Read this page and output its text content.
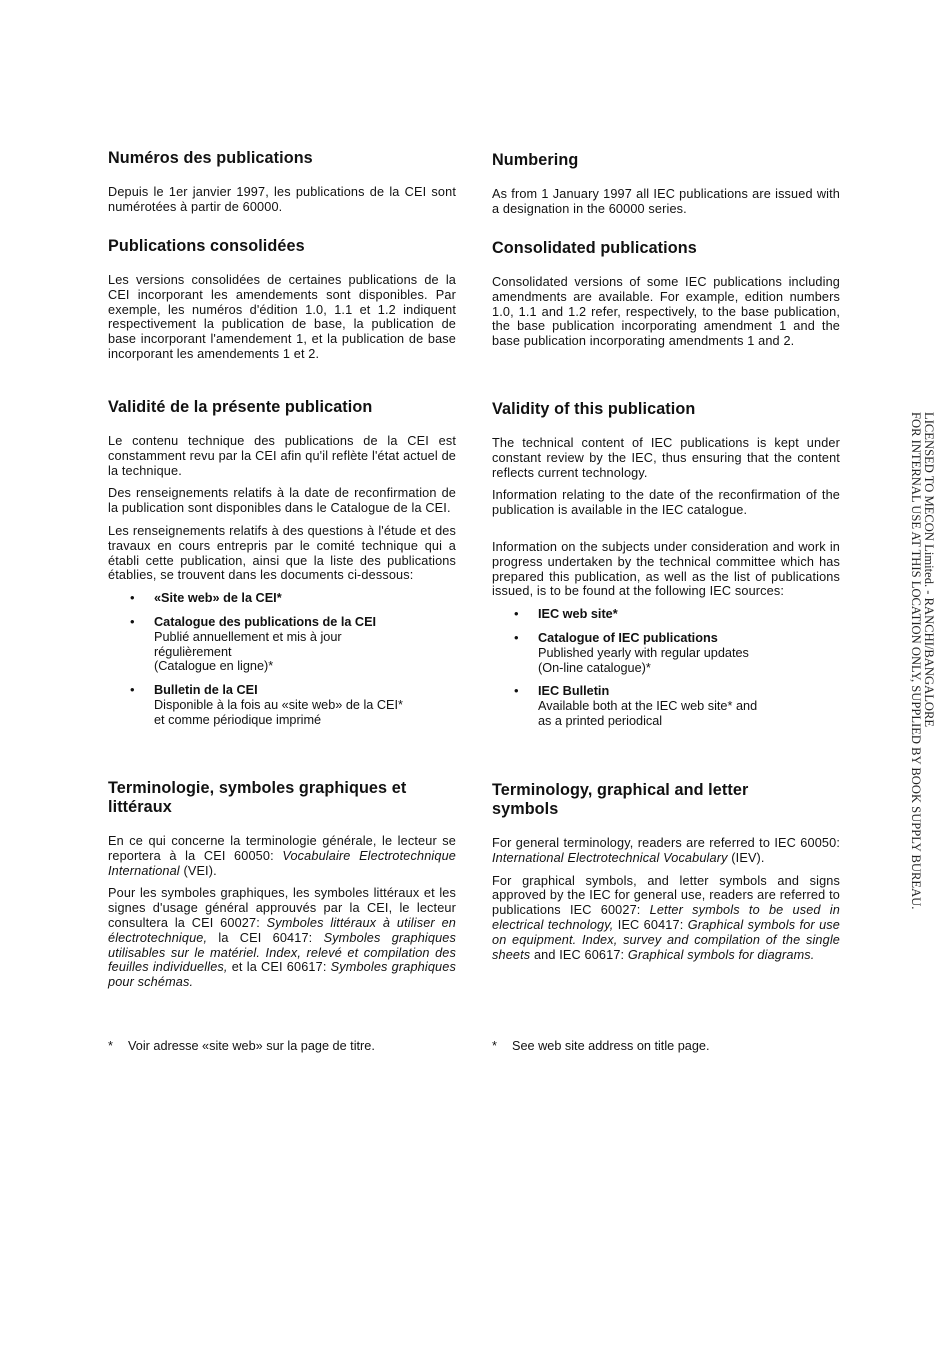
Numéros des publications

Depuis le 1er janvier 1997, les publications de la CEI sont numérotées à partir de 60000.

Publications consolidées

Les versions consolidées de certaines publications de la CEI incorporant les amendements sont disponibles. Par exemple, les numéros d'édition 1.0, 1.1 et 1.2 indiquent respectivement la publication de base, la publication de base incorporant l'amendement 1, et la publication de base incorporant les amendements 1 et 2.

Validité de la présente publication

Le contenu technique des publications de la CEI est constamment revu par la CEI afin qu'il reflète l'état actuel de la technique.

Des renseignements relatifs à la date de reconfirmation de la publication sont disponibles dans le Catalogue de la CEI.

Les renseignements relatifs à des questions à l'étude et des travaux en cours entrepris par le comité technique qui a établi cette publication, ainsi que la liste des publications établies, se trouvent dans les documents ci-dessous:

• «Site web» de la CEI*
• Catalogue des publications de la CEI
Publié annuellement et mis à jour
régulièrement
(Catalogue en ligne)*
• Bulletin de la CEI
Disponible à la fois au «site web» de la CEI*
et comme périodique imprimé
Terminologie, symboles graphiques et littéraux

En ce qui concerne la terminologie générale, le lecteur se reportera à la CEI 60050: Vocabulaire Electrotechnique International (VEI).

Pour les symboles graphiques, les symboles littéraux et les signes d'usage général approuvés par la CEI, le lecteur consultera la CEI 60027: Symboles littéraux à utiliser en électrotechnique, la CEI 60417: Symboles graphiques utilisables sur le matériel. Index, relevé et compilation des feuilles individuelles, et la CEI 60617: Symboles graphiques pour schémas.

* Voir adresse «site web» sur la page de titre.
Numbering

As from 1 January 1997 all IEC publications are issued with a designation in the 60000 series.

Consolidated publications

Consolidated versions of some IEC publications including amendments are available. For example, edition numbers 1.0, 1.1 and 1.2 refer, respectively, to the base publication, the base publication incorporating amendment 1 and the base publication incorporating amendments 1 and 2.

Validity of this publication

The technical content of IEC publications is kept under constant review by the IEC, thus ensuring that the content reflects current technology.

Information relating to the date of the reconfirmation of the publication is available in the IEC catalogue.

Information on the subjects under consideration and work in progress undertaken by the technical committee which has prepared this publication, as well as the list of publications issued, is to be found at the following IEC sources:

• IEC web site*
• Catalogue of IEC publications
Published yearly with regular updates
(On-line catalogue)*
• IEC Bulletin
Available both at the IEC web site* and
as a printed periodical
Terminology, graphical and letter symbols

For general terminology, readers are referred to IEC 60050: International Electrotechnical Vocabulary (IEV).

For graphical symbols, and letter symbols and signs approved by the IEC for general use, readers are referred to publications IEC 60027: Letter symbols to be used in electrical technology, IEC 60417: Graphical symbols for use on equipment. Index, survey and compilation of the single sheets and IEC 60617: Graphical symbols for diagrams.

* See web site address on title page.
LICENSED TO MECON Limited. - RANCHI/BANGALORE
FOR INTERNAL USE AT THIS LOCATION ONLY, SUPPLIED BY BOOK SUPPLY BUREAU.
